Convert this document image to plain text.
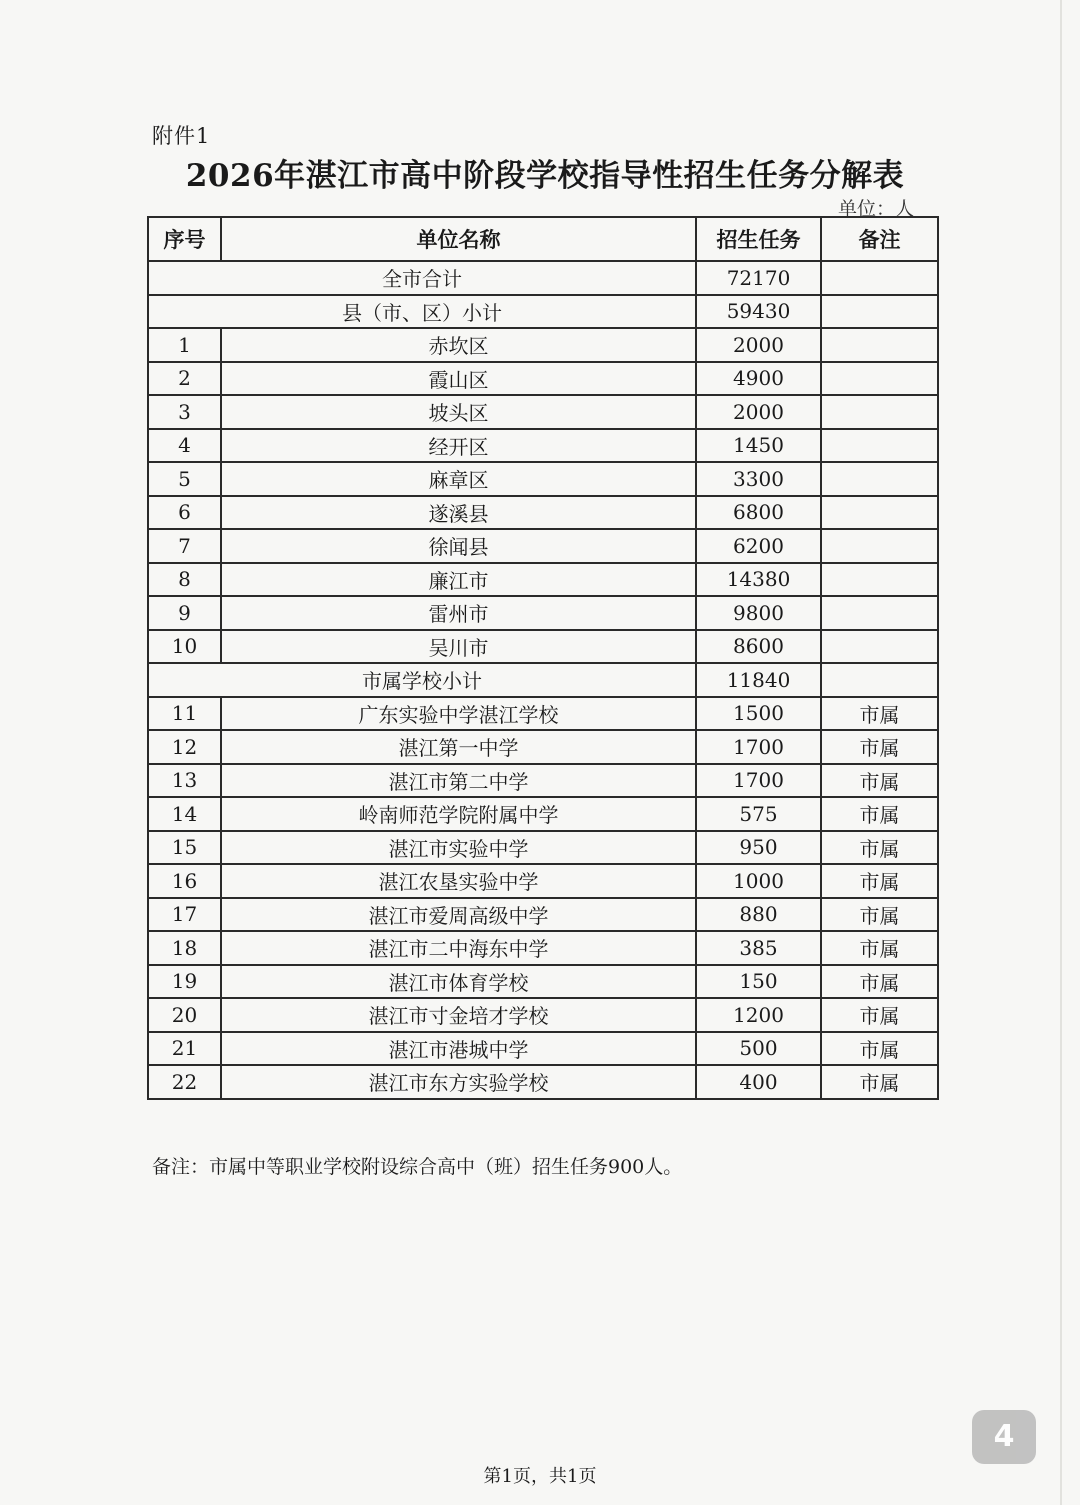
附件1
2026年湛江市高中阶段学校指导性招生任务分解表
单位：人
序号	单位名称	招生任务	备注
全市合计		72170	
县（市、区）小计		59430	
1	赤坎区	2000	
2	霞山区	4900	
3	坡头区	2000	
4	经开区	1450	
5	麻章区	3300	
6	遂溪县	6800	
7	徐闻县	6200	
8	廉江市	14380	
9	雷州市	9800	
10	吴川市	8600	
市属学校小计		11840	
11	广东实验中学湛江学校	1500	市属
12	湛江第一中学	1700	市属
13	湛江市第二中学	1700	市属
14	岭南师范学院附属中学	575	市属
15	湛江市实验中学	950	市属
16	湛江农垦实验中学	1000	市属
17	湛江市爱周高级中学	880	市属
18	湛江市二中海东中学	385	市属
19	湛江市体育学校	150	市属
20	湛江市寸金培才学校	1200	市属
21	湛江市港城中学	500	市属
22	湛江市东方实验学校	400	市属
备注：市属中等职业学校附设综合高中（班）招生任务900人。
第1页，共1页
4
